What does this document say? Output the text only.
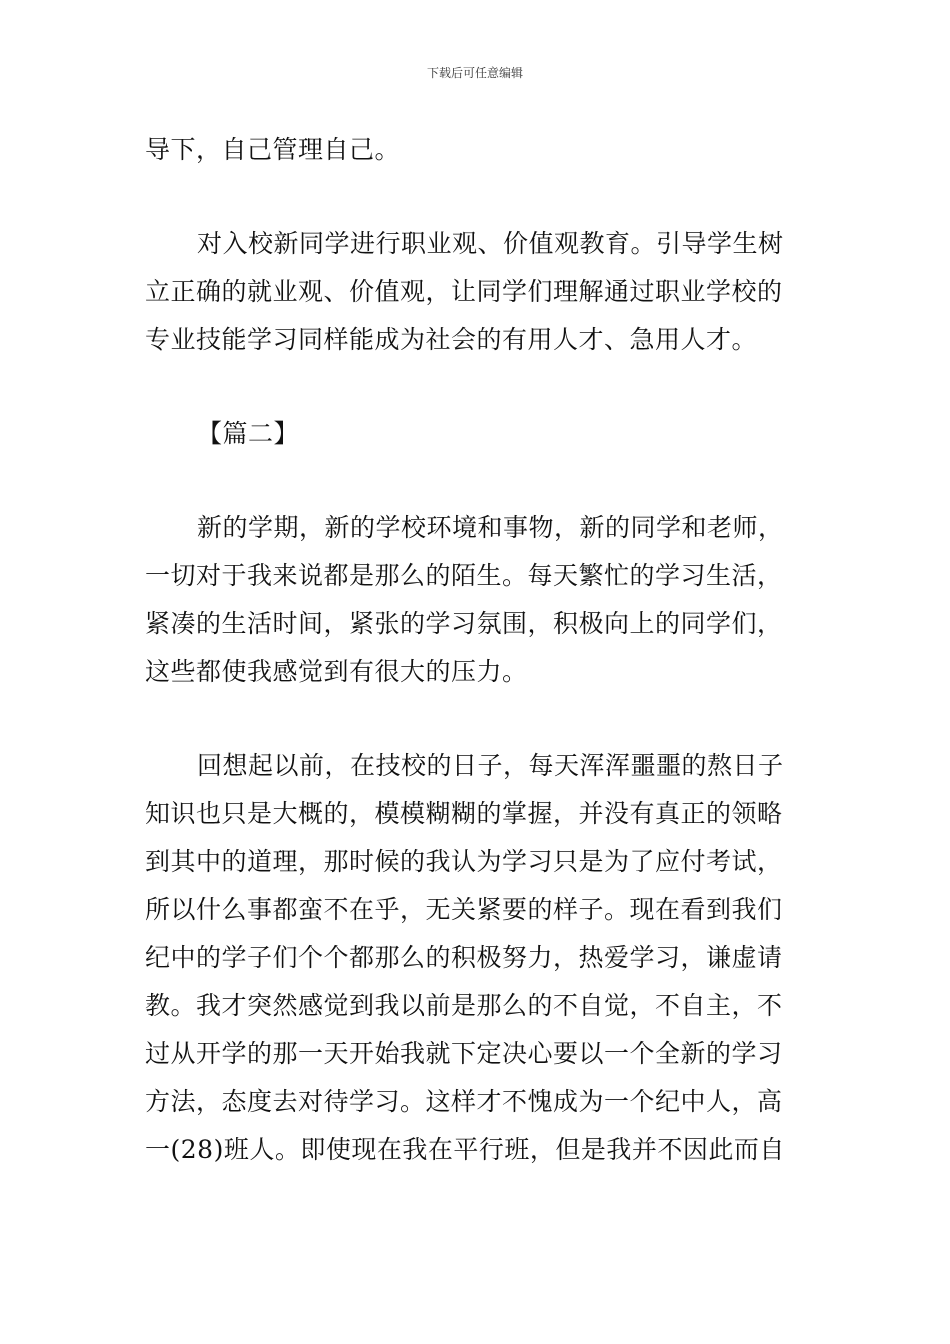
下载后可任意编辑

导下，自己管理自己。

对入校新同学进行职业观、价值观教育。引导学生树
立正确的就业观、价值观，让同学们理解通过职业学校的
专业技能学习同样能成为社会的有用人才、急用人才。

【篇二】

新的学期，新的学校环境和事物，新的同学和老师，
一切对于我来说都是那么的陌生。每天繁忙的学习生活，
紧凑的生活时间，紧张的学习氛围，积极向上的同学们，
这些都使我感觉到有很大的压力。

回想起以前，在技校的日子，每天浑浑噩噩的熬日子
知识也只是大概的，模模糊糊的掌握，并没有真正的领略
到其中的道理，那时候的我认为学习只是为了应付考试，
所以什么事都蛮不在乎，无关紧要的样子。现在看到我们
纪中的学子们个个都那么的积极努力，热爱学习，谦虚请
教。我才突然感觉到我以前是那么的不自觉，不自主，不
过从开学的那一天开始我就下定决心要以一个全新的学习
方法，态度去对待学习。这样才不愧成为一个纪中人，高
一(28)班人。即使现在我在平行班，但是我并不因此而自
